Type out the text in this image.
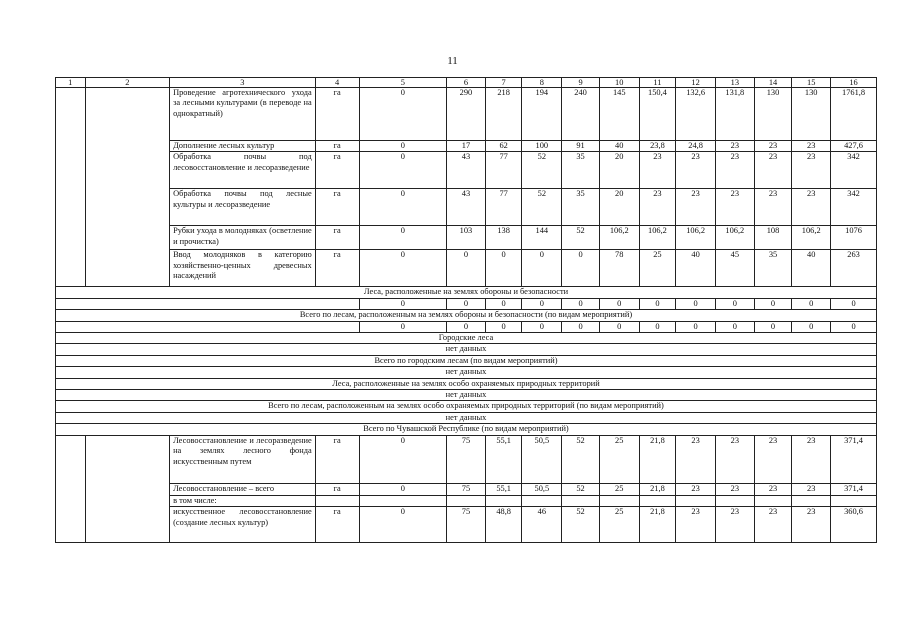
11
1	2	3	4	5	6	7	8	9	10	11	12	13	14	15	16
		Проведение агротехнического ухода за лесными культурами (в переводе на однократный)	га	0	290	218	194	240	145	150,4	132,6	131,8	130	130	1761,8
		Дополнение лесных культур	га	0	17	62	100	91	40	23,8	24,8	23	23	23	427,6
		Обработка почвы под лесовосстановление и лесоразведение	га	0	43	77	52	35	20	23	23	23	23	23	342
		Обработка почвы под лесные культуры и лесоразведение	га	0	43	77	52	35	20	23	23	23	23	23	342
		Рубки ухода в молодняках (осветление и прочистка)	га	0	103	138	144	52	106,2	106,2	106,2	106,2	108	106,2	1076
		Ввод молодняков в категорию хозяйственно-ценных древесных насаждений	га	0	0	0	0	0	78	25	40	45	35	40	263
Леса, расположенные на землях обороны и безопасности															
				0	0	0	0	0	0	0	0	0	0	0	0
Всего по лесам, расположенным на землях обороны и безопасности (по видам мероприятий)															
				0	0	0	0	0	0	0	0	0	0	0	0
Городские леса															
нет данных															
Всего по городским лесам (по видам мероприятий)															
нет данных															
Леса, расположенные на землях особо охраняемых природных территорий															
нет данных															
Всего по лесам, расположенным на землях особо охраняемых природных территорий (по видам мероприятий)															
нет данных															
Всего по Чувашской Республике (по видам мероприятий)															
		Лесовосстановление и лесоразведение на землях лесного фонда искусственным путем	га	0	75	55,1	50,5	52	25	21,8	23	23	23	23	371,4
		Лесовосстановление – всего	га	0	75	55,1	50,5	52	25	21,8	23	23	23	23	371,4
		в том числе:													
		искусственное лесовосстановление (создание лесных культур)	га	0	75	48,8	46	52	25	21,8	23	23	23	23	360,6
